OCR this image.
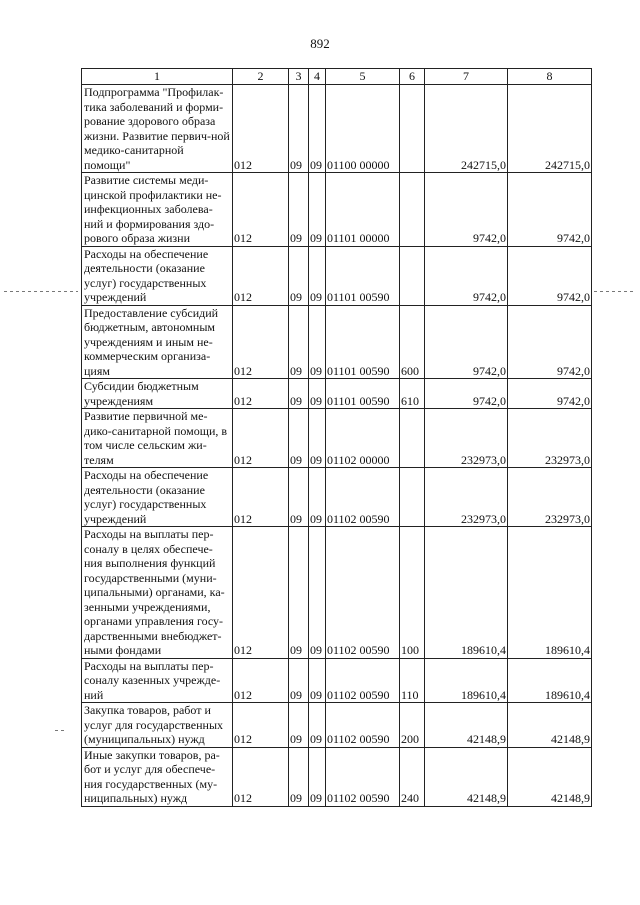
892
1	2	3	4	5	6	7	8
Подпрограмма "Профилак-тика заболеваний и форми-рование здорового образа жизни. Развитие первич-ной медико-санитарной помощи"	012	09	09	01100 00000		242715,0	242715,0
Развитие системы меди-цинской профилактики не-инфекционных заболева-ний и формирования здо-рового образа жизни	012	09	09	01101 00000		9742,0	9742,0
Расходы на обеспечение деятельности (оказание услуг) государственных учреждений	012	09	09	01101 00590		9742,0	9742,0
Предоставление субсидий бюджетным, автономным учреждениям и иным не-коммерческим организа-циям	012	09	09	01101 00590	600	9742,0	9742,0
Субсидии бюджетным учреждениям	012	09	09	01101 00590	610	9742,0	9742,0
Развитие первичной ме-дико-санитарной помощи, в том числе сельским жи-телям	012	09	09	01102 00000		232973,0	232973,0
Расходы на обеспечение деятельности (оказание услуг) государственных учреждений	012	09	09	01102 00590		232973,0	232973,0
Расходы на выплаты пер-соналу в целях обеспече-ния выполнения функций государственными (муни-ципальными) органами, ка-зенными учреждениями, органами управления госу-дарственными внебюджет-ными фондами	012	09	09	01102 00590	100	189610,4	189610,4
Расходы на выплаты пер-соналу казенных учрежде-ний	012	09	09	01102 00590	110	189610,4	189610,4
Закупка товаров, работ и услуг для государственных (муниципальных) нужд	012	09	09	01102 00590	200	42148,9	42148,9
Иные закупки товаров, ра-бот и услуг для обеспече-ния государственных (му-ниципальных) нужд	012	09	09	01102 00590	240	42148,9	42148,9
